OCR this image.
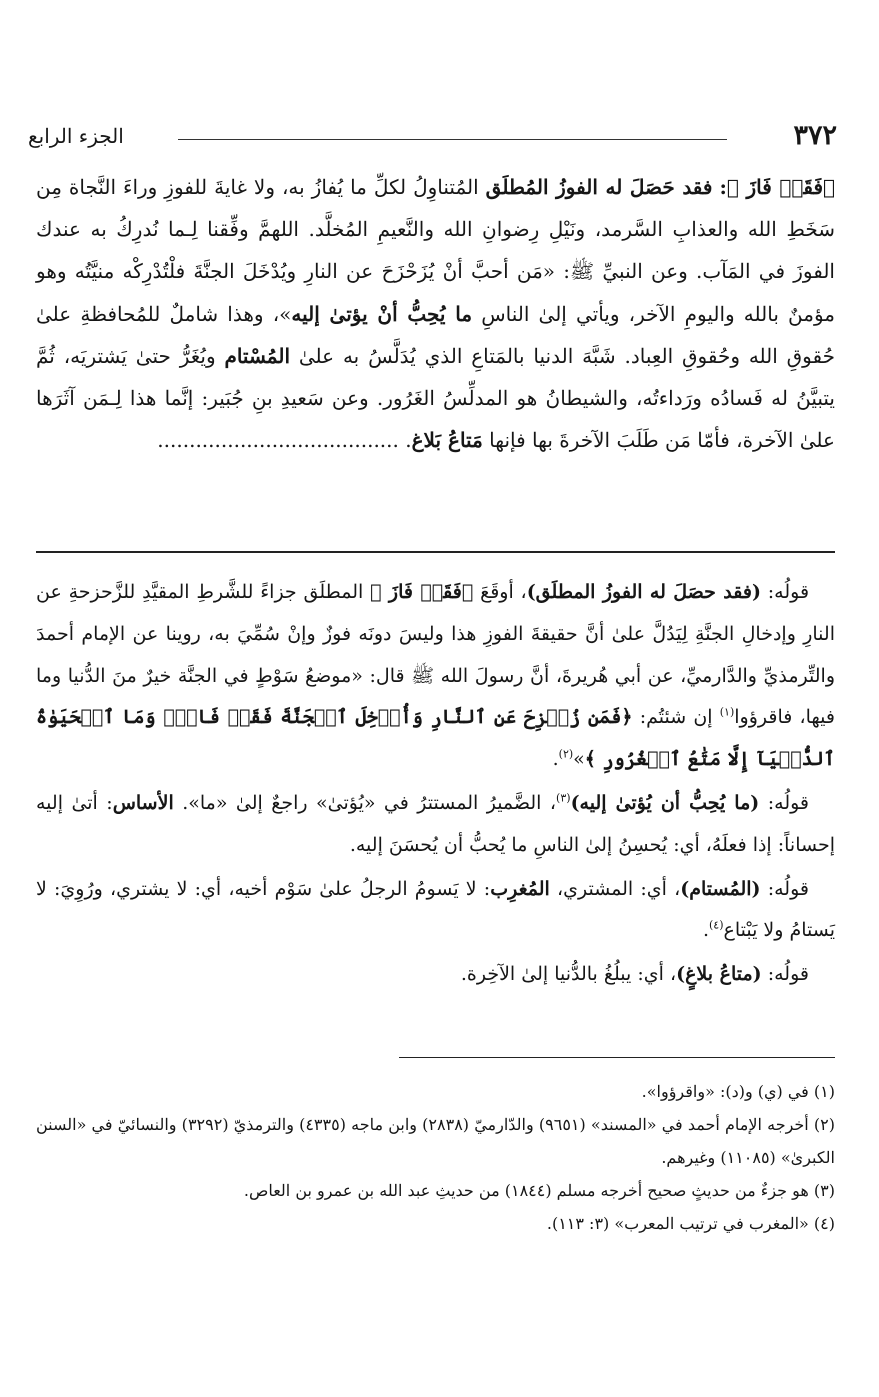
٣٧٢
الجزء الرابع

﴿فَقَدۡ فَازَ ﴾: فقد حَصَلَ له الفوزُ المُطلَق المُتناوِلُ لكلِّ ما يُفازُ به، ولا غايةَ للفوزِ وراءَ النَّجاة مِن سَخَطِ الله والعذابِ السَّرمد، ونَيْلِ رِضوانِ الله والنَّعيمِ المُخلَّد. اللهمَّ وفِّقنا لِـما نُدرِكُ به عندك الفوزَ في المَآب. وعن النبيِّ ﷺ: «مَن أحبَّ أنْ يُزَحْزَحَ عن النارِ ويُدْخَلَ الجنَّةَ فلْتُدْرِكْه منيَّتُه وهو مؤمنٌ بالله واليومِ الآخر، ويأتي إلىٰ الناسِ ما يُحِبُّ أنْ يؤتىٰ إليه»، وهذا شاملٌ للمُحافظةِ علىٰ حُقوقِ الله وحُقوقِ العِباد. شَبَّهَ الدنيا بالمَتاعِ الذي يُدَلَّسُ به علىٰ المُسْتام ويُغَرُّ حتىٰ يَشتريَه، ثُمَّ يتبيَّنُ له فَسادُه ورَداءتُه، والشيطانُ هو المدلِّسُ الغَرُور. وعن سَعيدِ بنِ جُبَير: إنَّما هذا لِـمَن آثَرَها علىٰ الآخرة، فأمّا مَن طَلَبَ الآخرةَ بها فإنها مَتاعُ بَلاغ. ......................................

قولُه: (فقد حصَلَ له الفوزُ المطلَق)، أوقَعَ ﴿فَقَدۡ فَازَ ﴾ المطلَق جزاءً للشَّرطِ المقيَّدِ للزَّحزحةِ عن النارِ وإدخالِ الجنَّةِ لِيَدُلَّ علىٰ أنَّ حقيقةَ الفوزِ هذا وليسَ دونَه فوزٌ وإنْ سُمِّيَ به، روينا عن الإمام أحمدَ والتِّرمذيِّ والدَّارميِّ، عن أبي هُريرةَ، أنَّ رسولَ الله ﷺ قال: «موضعُ سَوْطٍ في الجنَّة خيرٌ منَ الدُّنيا وما فيها، فاقرؤوا$^{(١)}$ إن شئتُم: ﴿فَمَن زُحۡزِحَ عَنِ ٱلنَّارِ وَأُدۡخِلَ ٱلۡجَنَّةَ فَقَدۡ فَازَۗ وَمَا ٱلۡحَيَوٰةُ ٱلدُّنۡيَآ إِلَّا مَتَٰعُ ٱلۡغُرُورِ ﴾»$^{(٢)}$.

قولُه: (ما يُحِبُّ أن يُؤتىٰ إليه)$^{(٣)}$، الضَّميرُ المستترُ في «يُؤتىٰ» راجعٌ إلىٰ «ما». الأساس: أتىٰ إليه إحساناً: إذا فعلَهُ، أي: يُحسِنُ إلىٰ الناسِ ما يُحبُّ أن يُحسَنَ إليه.

قولُه: (المُستام)، أي: المشتري، المُغرِب: لا يَسومُ الرجلُ علىٰ سَوْم أخيه، أي: لا يشتري، ورُوِيَ: لا يَستامُ ولا يَبْتاع$^{(٤)}$.

قولُه: (متاعُ بلاغٍ)، أي: يبلُغُ بالدُّنيا إلىٰ الآخِرة.

(١) في (ي) و(د): «واقرؤوا».

(٢) أخرجه الإمام أحمد في «المسند» (٩٦٥١) والدّارميّ (٢٨٣٨) وابن ماجه (٤٣٣٥) والترمذيّ (٣٢٩٢) والنسائيّ في «السنن الكبرىٰ» (١١٠٨٥) وغيرهم.

(٣) هو جزءٌ من حديثٍ صحيح أخرجه مسلم (١٨٤٤) من حديثِ عبد الله بن عمرو بن العاص.

(٤) «المغرب في ترتيب المعرب» (٣: ١١٣).
